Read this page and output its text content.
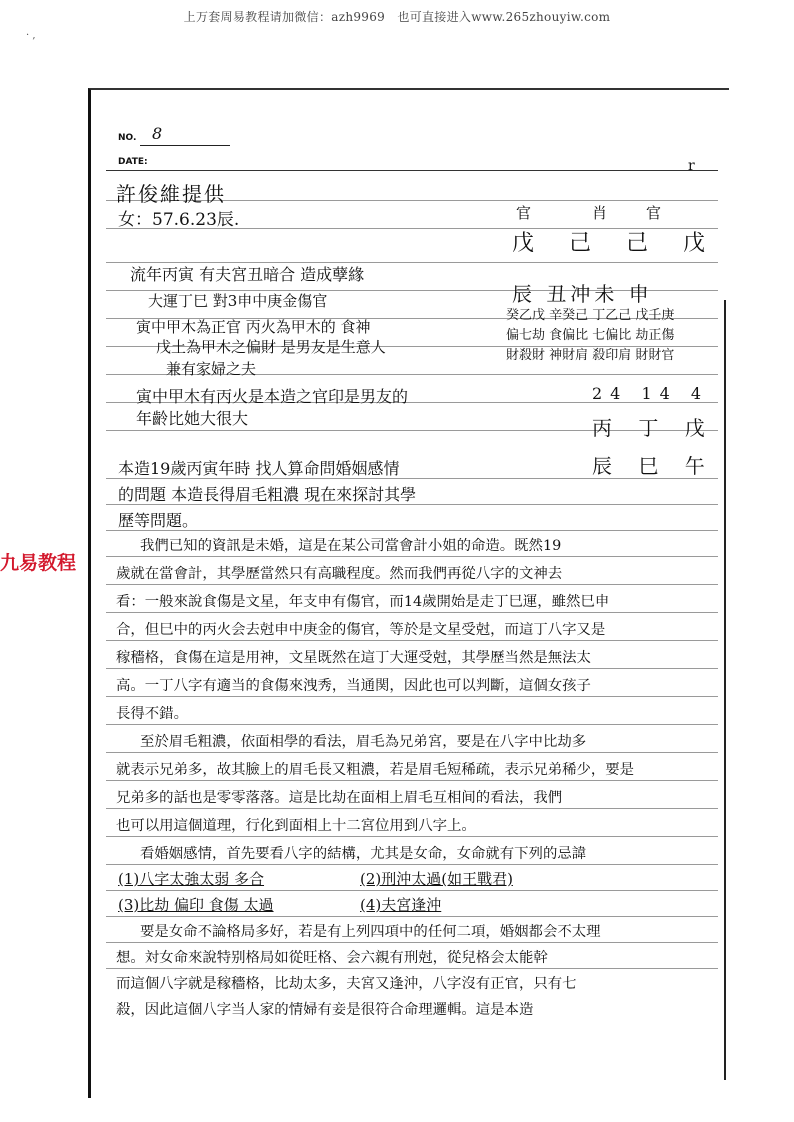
上万套周易教程请加微信：azh9969　也可直接进入www.265zhouyiw.com
· ,
NO. 8
DATE:	r
許俊維提供
女：57.6.23辰.	官	肖	官
戊 己 己 戊
辰 丑冲未 申
癸乙戊 辛癸己 丁乙己 戊壬庚
偏七劫 食偏比 七偏比 劫正傷
財殺財 神財肩 殺印肩 財財官
24 14 4
丙 丁 戊
辰 巳 午
流年丙寅 有夫宮丑暗合 造成孽緣
大運丁巳 對3申中庚金傷官
寅中甲木為正官 丙火為甲木的 食神
戊土為甲木之偏財 是男友是生意人
兼有家婦之夫
寅中甲木有丙火是本造之官印是男友的
年齡比她大很大
九易教程
本造19歲丙寅年時 找人算命問婚姻感情
的問題 本造長得眉毛粗濃 現在來探討其學
歷等問題。
我們已知的資訊是未婚，這是在某公司當會計小姐的命造。既然19
歲就在當會計，其學歷當然只有高職程度。然而我們再從八字的文神去
看：一般來說食傷是文星，年支申有傷官，而14歲開始是走丁巳運，雖然巳申
合，但巳中的丙火会去尅申中庚金的傷官，等於是文星受尅，而這丁八字又是
稼穡格，食傷在這是用神，文星既然在這丁大運受尅，其學歷当然是無法太
高。一丁八字有適当的食傷來洩秀，当通関，因此也可以判斷，這個女孩子
長得不錯。
至於眉毛粗濃，依面相學的看法，眉毛為兄弟宮，要是在八字中比劫多
就表示兄弟多，故其臉上的眉毛長又粗濃，若是眉毛短稀疏，表示兄弟稀少，要是
兄弟多的話也是零零落落。這是比劫在面相上眉毛互相间的看法，我們
也可以用這個道理，行化到面相上十二宮位用到八字上。
看婚姻感情，首先要看八字的結構，尤其是女命，女命就有下列的忌諱
(1)八字太強太弱 多合	(2)刑沖太過(如王戰君)
(3)比劫 偏印 食傷 太過	(4)夫宮逢沖
要是女命不論格局多好，若是有上列四項中的任何二項，婚姻都会不太理
想。対女命來說特别格局如從旺格、会六親有刑尅，從兒格会太能幹
而這個八字就是稼穡格，比劫太多，夫宮又逢沖，八字沒有正官，只有七
殺，因此這個八字当人家的情婦有妾是很符合命理邏輯。這是本造
